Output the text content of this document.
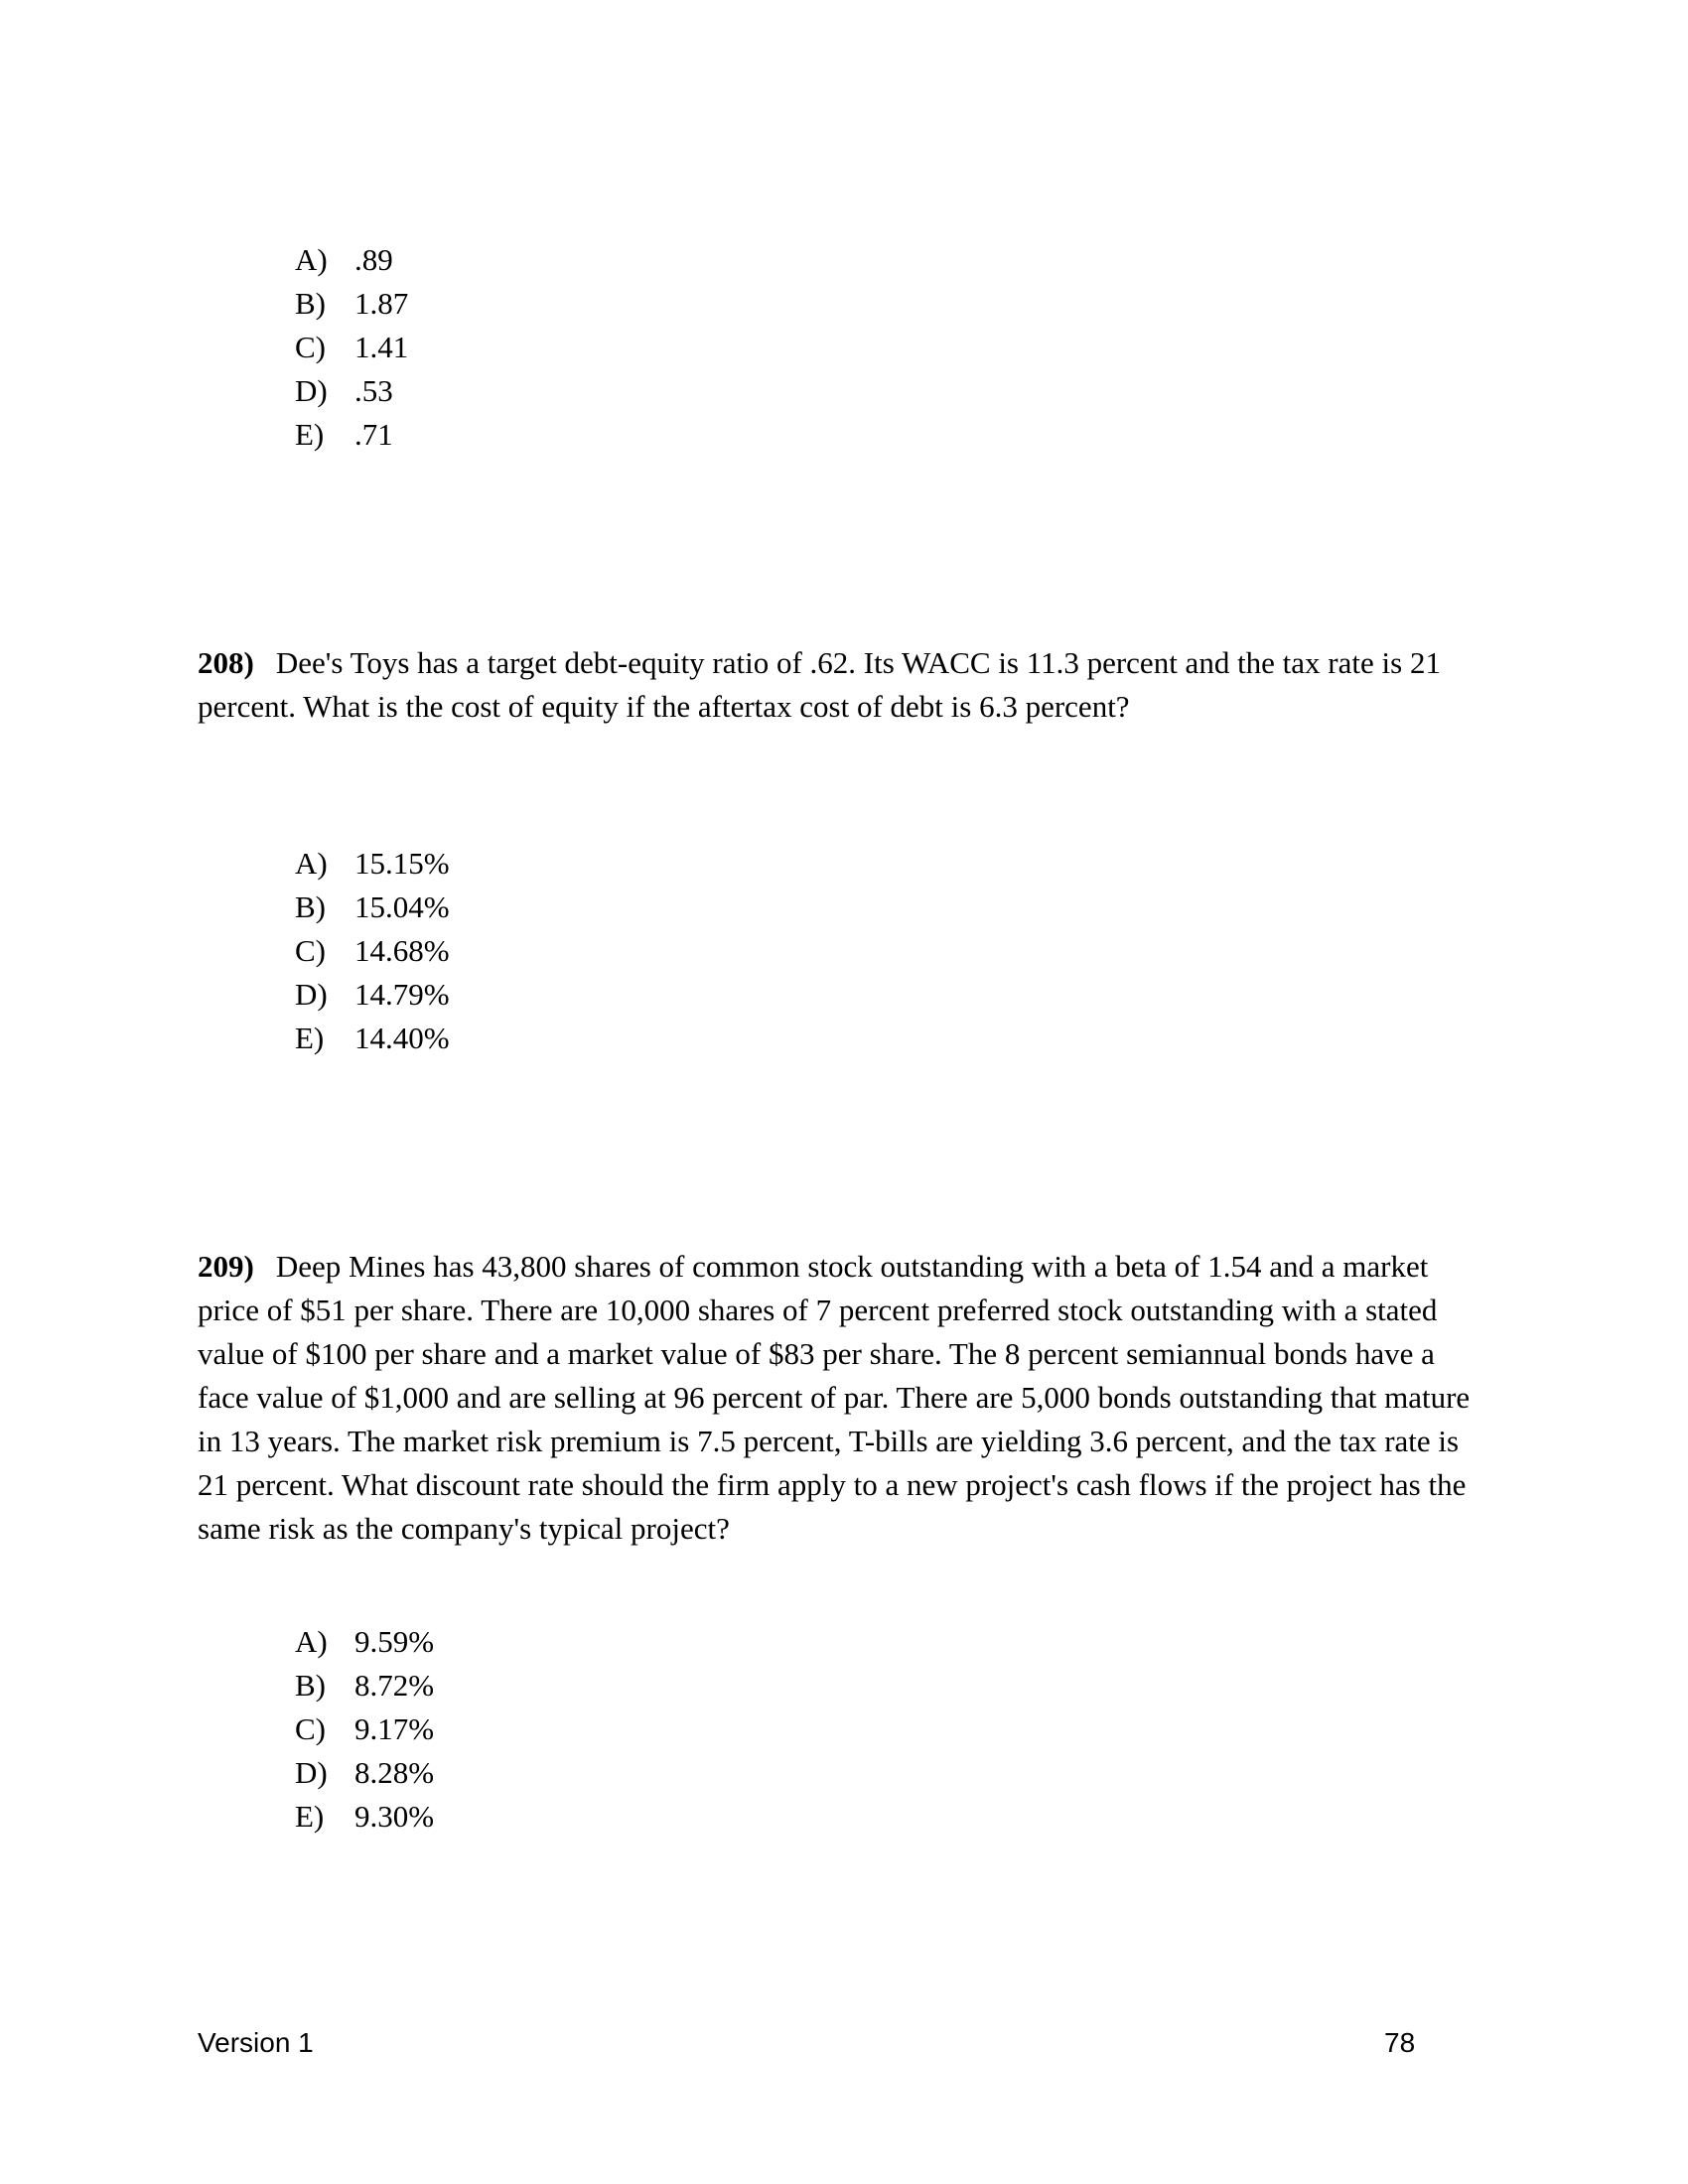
A) .89
B) 1.87
C) 1.41
D) .53
E) .71
208) Dee's Toys has a target debt-equity ratio of .62. Its WACC is 11.3 percent and the tax rate is 21 percent. What is the cost of equity if the aftertax cost of debt is 6.3 percent?
A) 15.15%
B) 15.04%
C) 14.68%
D) 14.79%
E) 14.40%
209) Deep Mines has 43,800 shares of common stock outstanding with a beta of 1.54 and a market price of $51 per share. There are 10,000 shares of 7 percent preferred stock outstanding with a stated value of $100 per share and a market value of $83 per share. The 8 percent semiannual bonds have a face value of $1,000 and are selling at 96 percent of par. There are 5,000 bonds outstanding that mature in 13 years. The market risk premium is 7.5 percent, T-bills are yielding 3.6 percent, and the tax rate is 21 percent. What discount rate should the firm apply to a new project's cash flows if the project has the same risk as the company's typical project?
A) 9.59%
B) 8.72%
C) 9.17%
D) 8.28%
E) 9.30%
Version 1	78
